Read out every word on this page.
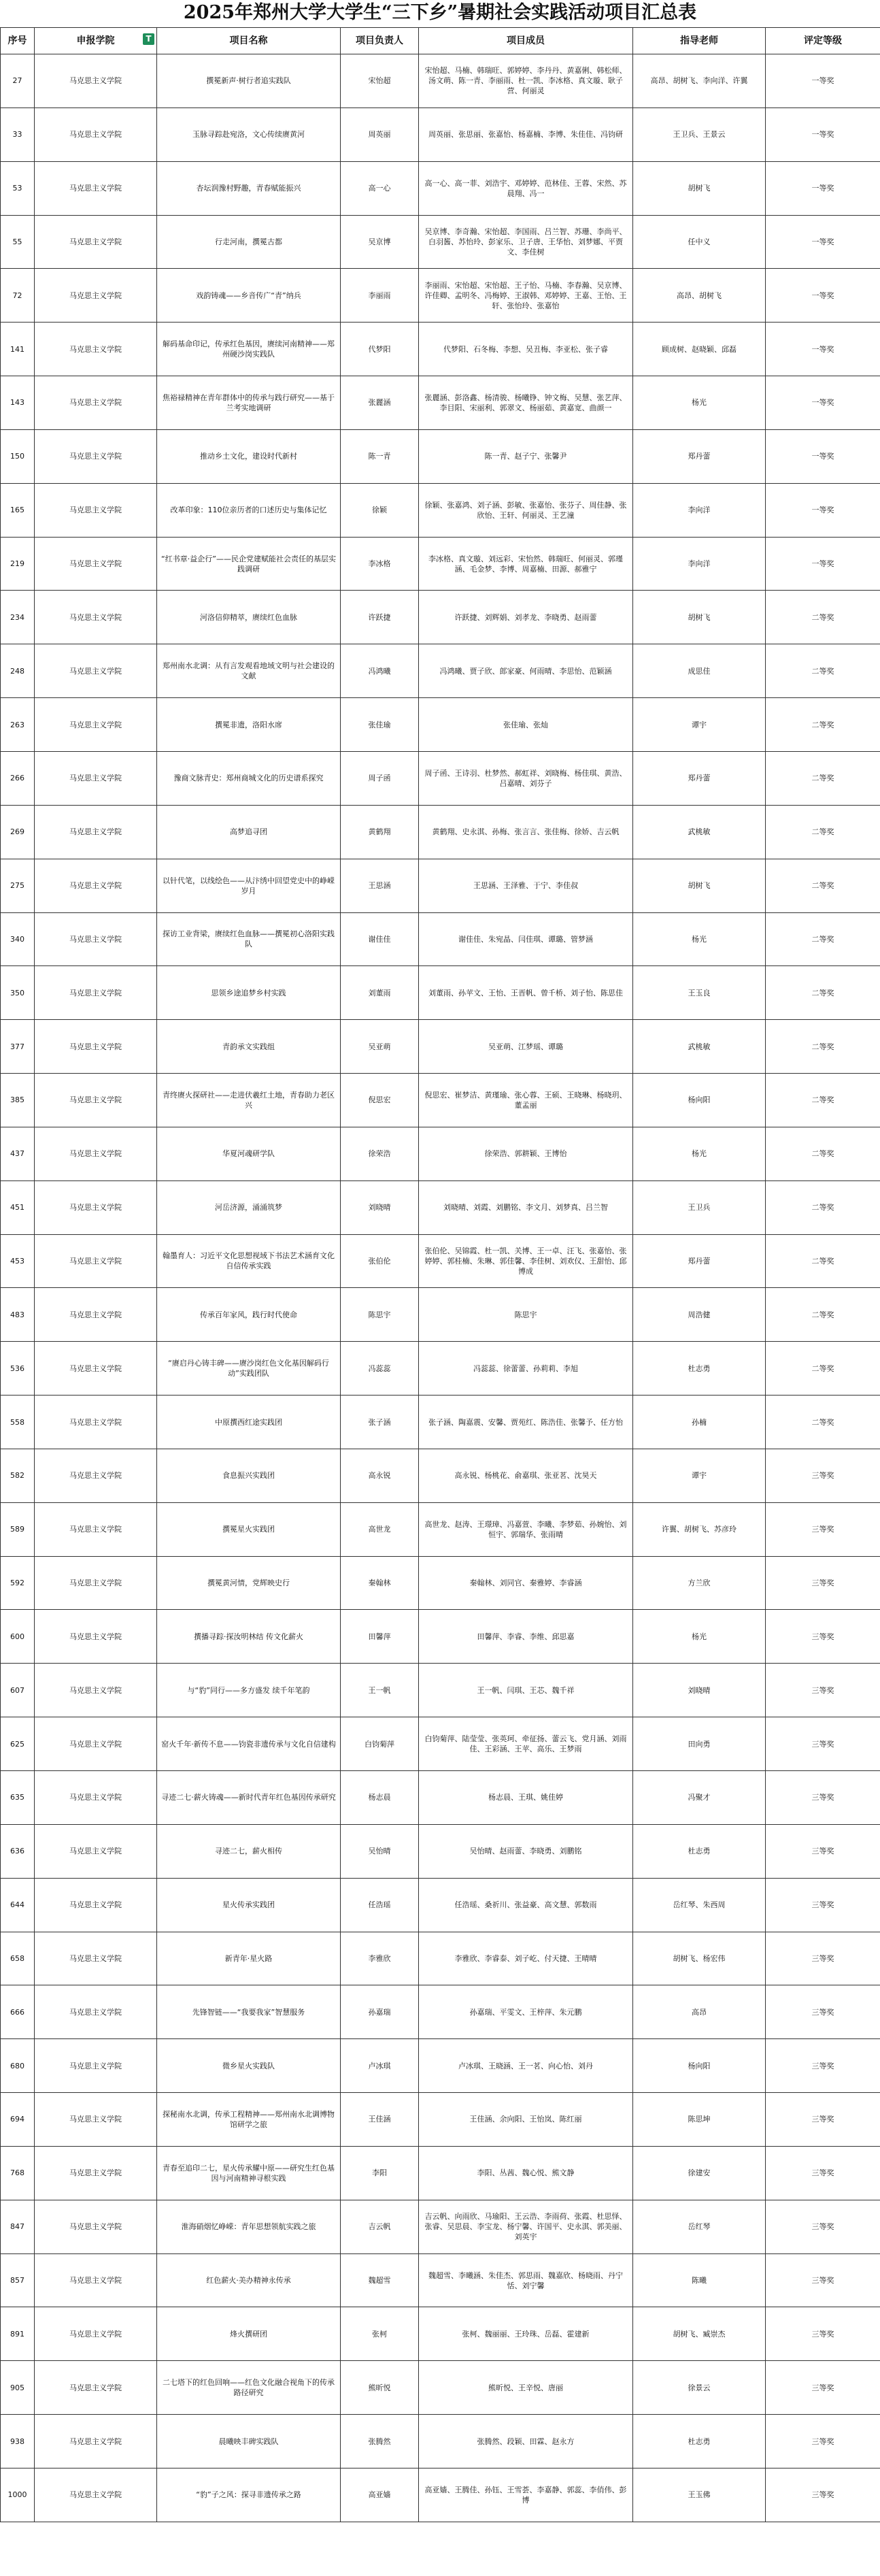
2025年郑州大学大学生“三下乡”暑期社会实践活动项目汇总表
序号	申报学院 T	项目名称	项目负责人	项目成员	指导老师	评定等级
27	马克思主义学院	撰冕新声·树行者追实践队	宋怡超	宋怡超、马楠、韩瑞旺、郭婷婷、李丹丹、黄嘉俐、韩松师、汤文萌、陈一青、李丽雨、杜一凯、李冰格、真文璇、耿子营、何丽灵	高昂、胡树飞、李向洋、许翼	一等奖
33	马克思主义学院	玉脉寻踪赴宛洛，文心传续赓黄河	周英丽	周英丽、张思丽、张嘉怡、杨嘉楠、李博、朱佳佳、冯钧研	王卫兵、王景云	一等奖
53	马克思主义学院	杏坛润豫村野趣，青春赋能振兴	高一心	高一心、高一菲、刘浩宇、邓婷婷、范林佳、王蓉、宋然、苏晨翔、冯一	胡树飞	一等奖
55	马克思主义学院	行走河南，撰冕古都	吴京博	吴京博、李奇瀚、宋怡超、李国雨、吕兰智、苏珊、李尚平、白羽酱、苏怡玲、彭家乐、卫子唐、王华怡、刘梦娜、平贾文、李佳树	任中义	一等奖
72	马克思主义学院	戏韵铸魂——乡音传广“青”纳兵	李丽雨	李丽雨、宋怡超、宋怡超、王子怡、马楠、李春瀚、吴京博、许佳卿、孟明冬、冯梅婷、王淑韩、邓婷婷、王嘉、王怡、王轩、张怡玲、张嘉怡	高昂、胡树飞	一等奖
141	马克思主义学院	解码基命印记，传承红色基因，赓续河南精神——郑州硬沙岗实践队	代梦阳	代梦阳、石冬梅、李想、吴丑梅、李亚松、张子睿	顾成树、赵晓颖、邱磊	一等奖
143	马克思主义学院	焦裕禄精神在青年群体中的传承与践行研究——基于兰考实地调研	张麗涵	张麗涵、彭洛鑫、杨清骏、杨曦铮、钟文梅、吴慧、张艺萍、李目阳、宋丽利、郭翠文、杨丽茹、黄嘉宽、曲颜一	杨光	一等奖
150	马克思主义学院	推动乡土文化，建设时代新村	陈一青	陈一青、赵子宁、张馨尹	郑丹蕾	一等奖
165	马克思主义学院	改革印象：110位亲历者的口述历史与集体记忆	徐颖	徐颖、张嘉鸿、刘子涵、彭敏、张嘉怡、张芬子、周佳静、张欣怡、王轩、何丽灵、王艺潼	李向洋	一等奖
219	马克思主义学院	“红书章·益企行”——民企党建赋能社会责任的基层实践调研	李冰格	李冰格、真文璇、刘远彩、宋怡然、韩瑞旺、何丽灵、郭瑾涵、毛金梦、李博、周嘉楠、田源、郝雅宁	李向洋	一等奖
234	马克思主义学院	河洛信仰精萃，赓续红色血脉	许跃捷	许跃捷、刘辉娟、刘孝龙、李晓勇、赵雨蕾	胡树飞	二等奖
248	马克思主义学院	郑州南水北调：从有言发观看地域文明与社会建设的文献	冯鸿曦	冯鸿曦、贾子欣、郎家豪、何雨晴、李思怡、范颖涵	成思佳	二等奖
263	马克思主义学院	撰冕非遗，洛阳水席	张佳瑜	张佳瑜、张灿	谭宇	二等奖
266	马克思主义学院	豫商文脉青史：郑州商城文化的历史谱系探究	周子函	周子函、王诗羽、杜梦然、郝虹祥、刘晓梅、杨佳琪、黄浩、吕嘉晴、刘芬子	郑丹蕾	二等奖
269	马克思主义学院	高梦追寻团	黄鹤翔	黄鹤翔、史永淇、孙梅、张言言、张佳梅、徐娇、吉云帆	武桃敏	二等奖
275	马克思主义学院	以针代笔，以线绘色——从汴绣中回望党史中的峥嵘岁月	王思涵	王思涵、王泽雅、于宁、李佳叔	胡树飞	二等奖
340	马克思主义学院	探访工业背梁，赓续红色血脉——撰冕初心洛阳实践队	谢佳佳	谢佳佳、朱宛晶、闫佳琪、谭璐、管梦涵	杨光	二等奖
350	马克思主义学院	思领乡途追梦乡村实践	刘董雨	刘董雨、孙苹文、王怡、王晋帆、曾千桥、刘子怡、陈思佳	王玉良	二等奖
377	马克思主义学院	青韵承文实践组	吴亚萌	吴亚萌、江梦瑶、谭璐	武桃敏	二等奖
385	马克思主义学院	青终赓火探研社——走进伏羲红土地，青春助力老区兴	倪思宏	倪思宏、崔梦洁、黄瑾瑜、张心蓉、王硕、王晓琳、杨晓玥、董孟丽	杨向阳	二等奖
437	马克思主义学院	华夏河魂研学队	徐荣浩	徐荣浩、郭耕颖、王博怡	杨光	二等奖
451	马克思主义学院	河岳济源，涌涌筑梦	刘晓晴	刘晓晴、刘霞、刘鹏铭、李文月、刘梦真、吕兰智	王卫兵	二等奖
453	马克思主义学院	翰墨育人：习近平文化思想视域下书法艺术涵育文化自信传承实践	张伯伦	张伯伦、吴锦霞、杜一凯、关博、王一卓、汪飞、张嘉怡、张婷婷、郭桂楠、朱琳、郭佳馨、李佳树、刘欢仪、王甜怡、邱博成	郑丹蕾	二等奖
483	马克思主义学院	传承百年家风，践行时代使命	陈思宇	陈思宇	周浩健	二等奖
536	马克思主义学院	“赓启丹心铸丰碑——赓沙岗红色文化基因解码行动”实践团队	冯蕊蕊	冯蕊蕊、徐蕾蕾、孙莉莉、李旭	杜志勇	二等奖
558	马克思主义学院	中原撰西红途实践团	张子涵	张子涵、陶嘉震、安馨、贾苑红、陈浩佳、张馨予、任方怡	孙楠	二等奖
582	马克思主义学院	食息振兴实践团	高永锐	高永锐、杨桃花、俞嘉琪、张亚茗、沈昊天	谭宇	三等奖
589	马克思主义学院	撰冕星火实践团	高世龙	高世龙、赵涛、王璟璋、冯嘉萱、李曦、李梦茹、孙婉怡、刘恒宇、郭瑞华、张雨晴	许翼、胡树飞、苏彦玲	三等奖
592	马克思主义学院	撰冕黄河情，党辉映史行	秦翰林	秦翰林、刘同官、秦雅婷、李睿涵	方兰欣	三等奖
600	马克思主义学院	撰播寻踪·探汝明林结 传文化薪火	田馨萍	田馨萍、李睿、李维、邱思嘉	杨光	三等奖
607	马克思主义学院	与“豹”同行——多方盛发 续千年笔韵	王一帆	王一帆、闫琪、王芯、魏千祥	刘晓晴	三等奖
625	马克思主义学院	窑火千年·新传不息——钧瓷非遗传承与文化自信建构	白钧菊萍	白钧菊萍、陆莹莹、张英珂、牵征扬、蕾云飞、党月涵、刘雨佳、王彩涵、王苹、高乐、王梦雨	田向勇	三等奖
635	马克思主义学院	寻迹二七·薪火铸魂——新时代青年红色基因传承研究	杨志晨	杨志晨、王琪、姚佳婷	冯聚才	三等奖
636	马克思主义学院	寻迹二七，薪火相传	吴怡晴	吴怡晴、赵雨蕾、李晓勇、刘鹏铭	杜志勇	三等奖
644	马克思主义学院	星火传承实践团	任浩瑶	任浩瑶、桑祈川、张益豪、高文慧、郭数雨	岳红琴、朱西周	三等奖
658	马克思主义学院	新青年·星火路	李雅欣	李雅欣、李睿泰、刘子屹、付天捷、王晴晴	胡树飞、杨宏伟	三等奖
666	马克思主义学院	先锋智链——“我要我家”智慧服务	孙嘉瑞	孙嘉瑞、平雯文、王梓萍、朱元鹏	高昂	三等奖
680	马克思主义学院	微乡星火实践队	卢冰琪	卢冰琪、王晓涵、王一茗、向心怡、刘丹	杨向阳	三等奖
694	马克思主义学院	探秘南水北调，传承工程精神——郑州南水北调博物馆研学之旅	王佳涵	王佳涵、余向阳、王怡岚、陈红丽	陈思坤	三等奖
768	马克思主义学院	青春至追印二七，星火传承耀中原——研究生红色基因与河南精神寻根实践	李阳	李阳、丛茜、魏心悦、熊文静	徐建安	三等奖
847	马克思主义学院	淮海硝烟忆峥嵘：青年思想领航实践之旅	吉云帆	吉云帆、向雨欣、马瑜阳、王云浩、李雨荷、张霞、杜思怿、张睿、吴思晨、李宝龙、杨宁馨、许国平、史永淇、郭美丽、刘英宇	岳红琴	三等奖
857	马克思主义学院	红色薪火·美办精神永传承	魏超雪	魏超雪、李曦涵、朱佳杰、郭思雨、魏嘉欣、杨晓雨、丹宁恬、刘宁馨	陈曦	三等奖
891	马克思主义学院	烽火撰研团	张柯	张柯、魏丽丽、王玲珠、岳磊、霍建新	胡树飞、臧崇杰	三等奖
905	马克思主义学院	二七塔下的红色回响——红色文化融合视角下的传承路径研究	熊昕悦	熊昕悦、王辛悦、唐丽	徐景云	三等奖
938	马克思主义学院	晨曦映丰碑实践队	张腾然	张腾然、段颖、田霖、赵永方	杜志勇	三等奖
1000	马克思主义学院	“豹”子之风：探寻非遗传承之路	高亚嫱	高亚嫱、王腾佳、孙钰、王雪荟、李嘉静、郭蕊、李俏伟、彭博	王玉佛	三等奖
